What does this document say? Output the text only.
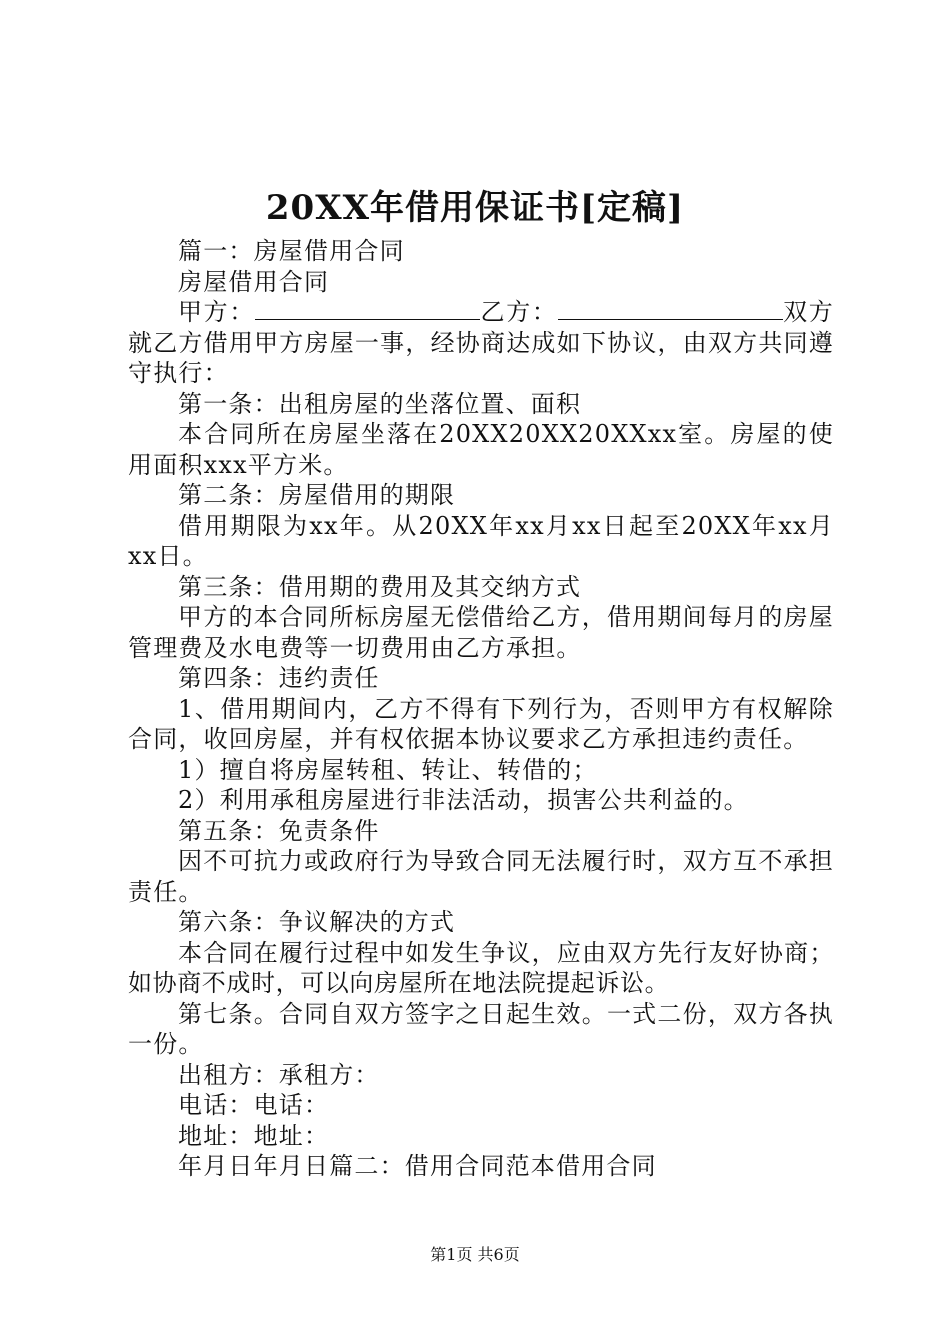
20XX年借用保证书[定稿]

篇一：房屋借用合同

房屋借用合同

甲方：	乙方：	双方就乙方借用甲方房屋一事，经协商达成如下协议，由双方共同遵守执行：

第一条：出租房屋的坐落位置、面积

本合同所在房屋坐落在20XX20XX20XXxx室。房屋的使用面积xxx平方米。

第二条：房屋借用的期限

借用期限为xx年。从20XX年xx月xx日起至20XX年xx月xx日。

第三条：借用期的费用及其交纳方式

甲方的本合同所标房屋无偿借给乙方，借用期间每月的房屋管理费及水电费等一切费用由乙方承担。

第四条：违约责任

1、借用期间内，乙方不得有下列行为，否则甲方有权解除合同，收回房屋，并有权依据本协议要求乙方承担违约责任。

1）擅自将房屋转租、转让、转借的；

2）利用承租房屋进行非法活动，损害公共利益的。

第五条：免责条件

因不可抗力或政府行为导致合同无法履行时，双方互不承担责任。

第六条：争议解决的方式

本合同在履行过程中如发生争议，应由双方先行友好协商；如协商不成时，可以向房屋所在地法院提起诉讼。

第七条。合同自双方签字之日起生效。一式二份，双方各执一份。

出租方：承租方：

电话：电话：

地址：地址：

年月日年月日篇二：借用合同范本借用合同

第1页 共6页
